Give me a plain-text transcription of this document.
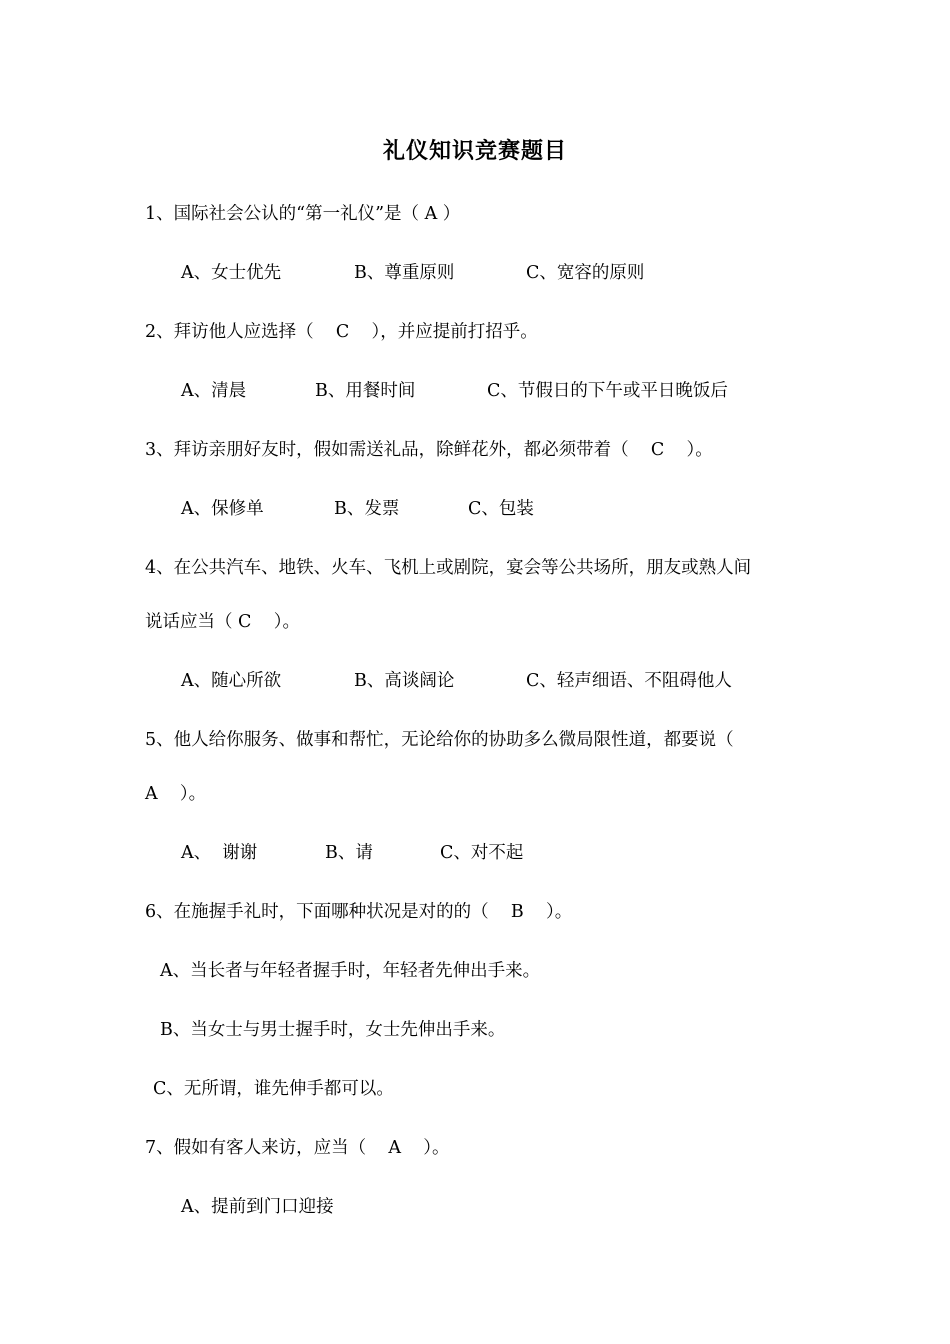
礼仪知识竞赛题目
1、国际社会公认的“第一礼仪”是（ A ）
A、女士优先	B、尊重原则	C、宽容的原则
2、拜访他人应选择（    C    ），并应提前打招乎。
A、清晨	B、用餐时间	C、节假日的下午或平日晚饭后
3、拜访亲朋好友时，假如需送礼品，除鲜花外，都必须带着（    C    ）。
A、保修单	B、发票	C、包装
4、在公共汽车、地铁、火车、飞机上或剧院，宴会等公共场所，朋友或熟人间
说话应当（ C    ）。
A、随心所欲	B、高谈阔论	C、轻声细语、不阻碍他人
5、他人给你服务、做事和帮忙，无论给你的协助多么微局限性道，都要说（
A    ）。
A、  谢谢	B、请	C、对不起
6、在施握手礼时，下面哪种状况是对的的（    B    ）。
A、当长者与年轻者握手时，年轻者先伸出手来。
B、当女士与男士握手时，女士先伸出手来。
C、无所谓，谁先伸手都可以。
7、假如有客人来访，应当（    A    ）。
A、提前到门口迎接
